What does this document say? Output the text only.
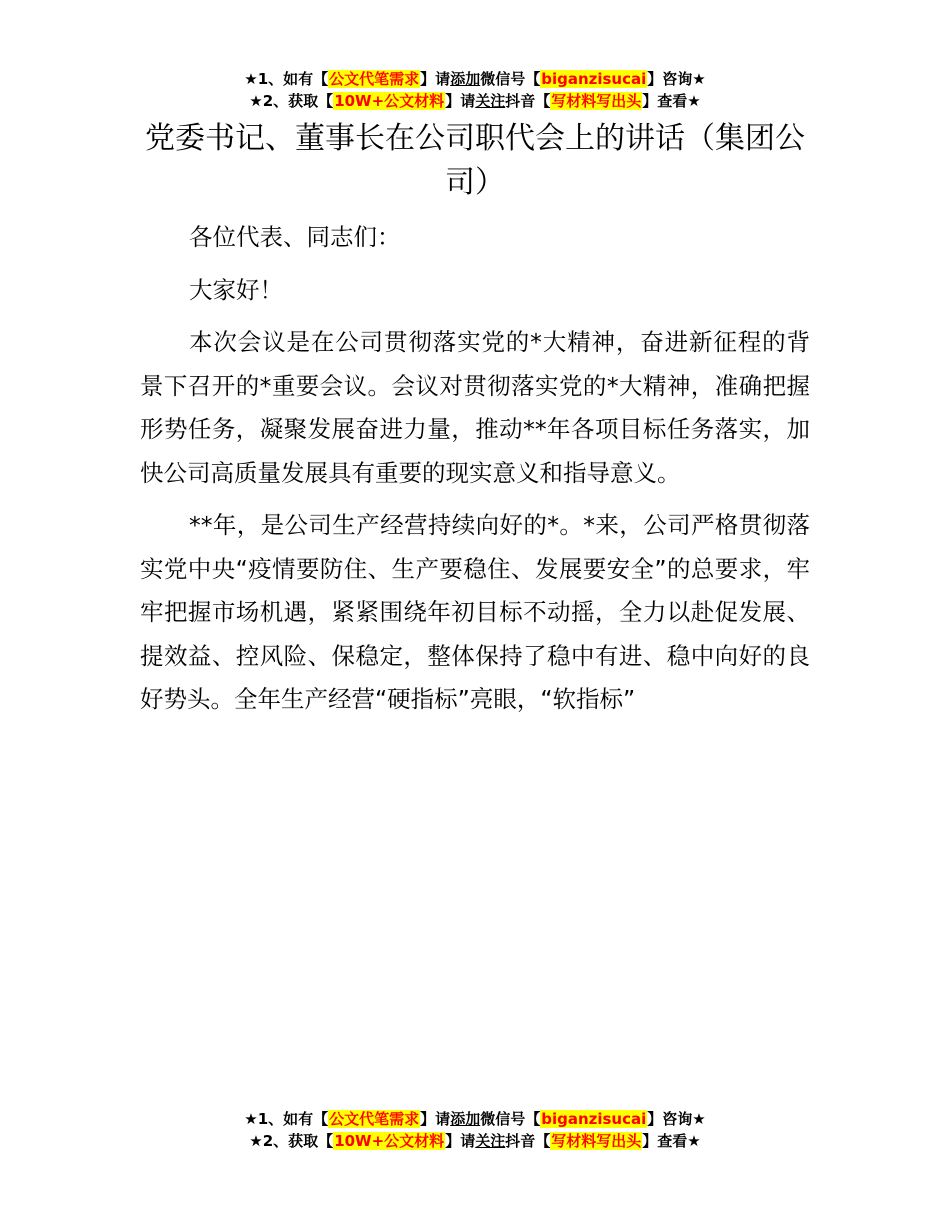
★1、如有【公文代笔需求】请添加微信号【biganzisucai】咨询★
★2、获取【10W+公文材料】请关注抖音【写材料写出头】查看★
党委书记、董事长在公司职代会上的讲话（集团公司）

各位代表、同志们：

大家好！

本次会议是在公司贯彻落实党的*大精神，奋进新征程的背景下召开的*重要会议。会议对贯彻落实党的*大精神，准确把握形势任务，凝聚发展奋进力量，推动**年各项目标任务落实，加快公司高质量发展具有重要的现实意义和指导意义。

**年，是公司生产经营持续向好的*。*来，公司严格贯彻落实党中央“疫情要防住、生产要稳住、发展要安全”的总要求，牢牢把握市场机遇，紧紧围绕年初目标不动摇，全力以赴促发展、提效益、控风险、保稳定，整体保持了稳中有进、稳中向好的良好势头。全年生产经营“硬指标”亮眼，“软指标”

★1、如有【公文代笔需求】请添加微信号【biganzisucai】咨询★
★2、获取【10W+公文材料】请关注抖音【写材料写出头】查看★
